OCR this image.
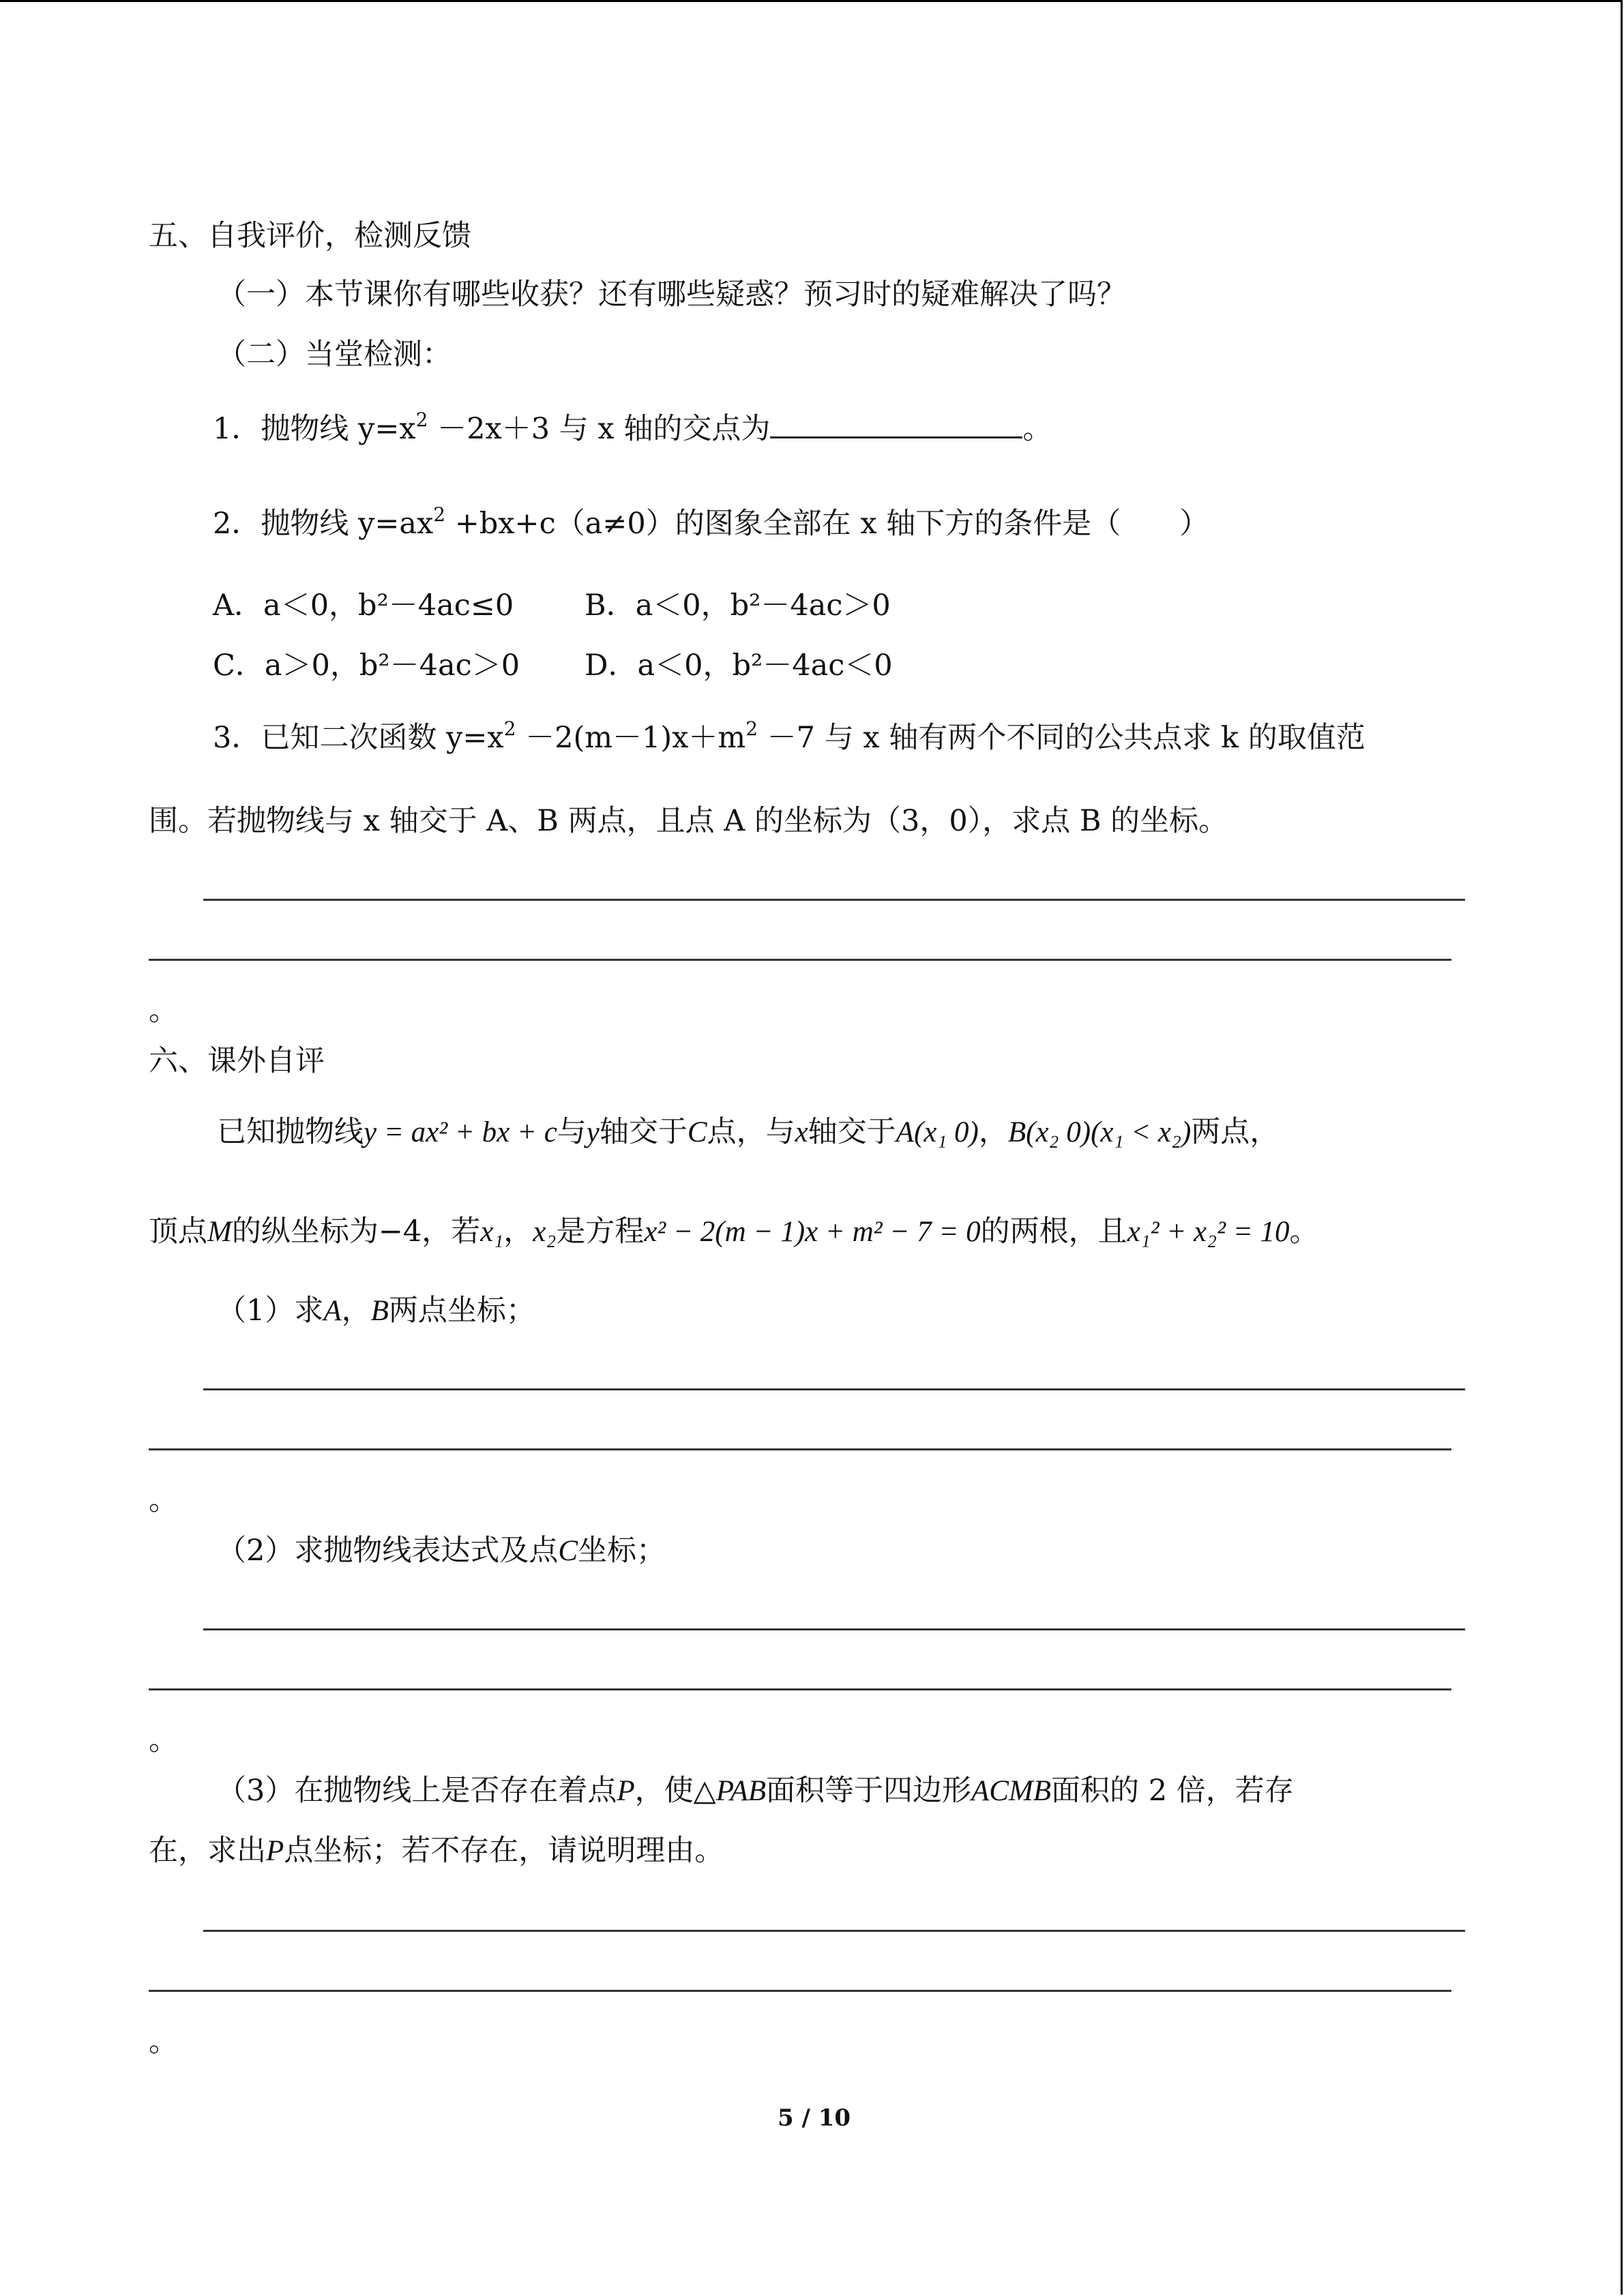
五、自我评价，检测反馈
（一）本节课你有哪些收获？还有哪些疑惑？预习时的疑难解决了吗？
（二）当堂检测：
1．抛物线 $y=x^2 -2x+3$ 与 x 轴的交点为	。
2．抛物线 $y=ax^2 +bx+c(a\ne 0)$的图象全部在 x 轴下方的条件是（　　）
A．a＜0，b²－4ac≤0 B．a＜0，b²－4ac＞0
C．a＞0，b²－4ac＞0 D．a＜0，b²－4ac＜0
3．已知二次函数 $y=x^2 -2(m-1)x+m^2 -7$ 与 x 轴有两个不同的公共点求 k 的取值范
围。若抛物线与 x 轴交于 A、B 两点，且点 A 的坐标为（3，0），求点 B 的坐标。
。
六、课外自评
已知抛物线y = ax² + bx + c与y轴交于C点，与x轴交于A(x₁ 0)，B(x₂ 0)(x₁ < x₂)两点，
顶点M的纵坐标为−4，若x₁，x₂是方程x² − 2(m − 1)x + m² − 7 = 0的两根，且x₁² + x₂² = 10。
（1）求A，B两点坐标；
。
（2）求抛物线表达式及点C坐标；
。
（3）在抛物线上是否存在着点P，使△PAB面积等于四边形ACMB面积的 2 倍，若存
在，求出P点坐标；若不存在，请说明理由。
。
5 / 10
